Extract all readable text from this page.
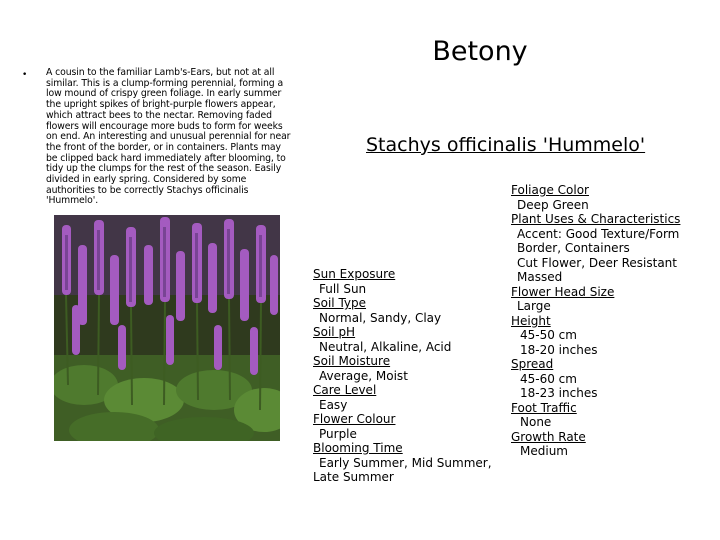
Betony
• A cousin to the familiar Lamb's-Ears, but not at all similar. This is a clump-forming perennial, forming a low mound of crispy green foliage. In early summer the upright spikes of bright-purple flowers appear, which attract bees to the nectar. Removing faded flowers will encourage more buds to form for weeks on end. An interesting and unusual perennial for near the front of the border, or in containers. Plants may be clipped back hard immediately after blooming, to tidy up the clumps for the rest of the season. Easily divided in early spring. Considered by some authorities to be correctly Stachys officinalis 'Hummelo'.
Stachys officinalis 'Hummelo'
Sun Exposure
Full Sun
Soil Type
Normal, Sandy, Clay
Soil pH
Neutral, Alkaline, Acid
Soil Moisture
Average, Moist
Care Level
Easy
Flower Colour
Purple
Blooming Time
Early Summer, Mid Summer,
Late Summer
Foliage Color
Deep Green
Plant Uses & Characteristics
Accent: Good Texture/Form
Border, Containers
Cut Flower, Deer Resistant
Massed
Flower Head Size
Large
Height
45-50 cm
18-20 inches
Spread
45-60 cm
18-23 inches
Foot Traffic
None
Growth Rate
Medium
